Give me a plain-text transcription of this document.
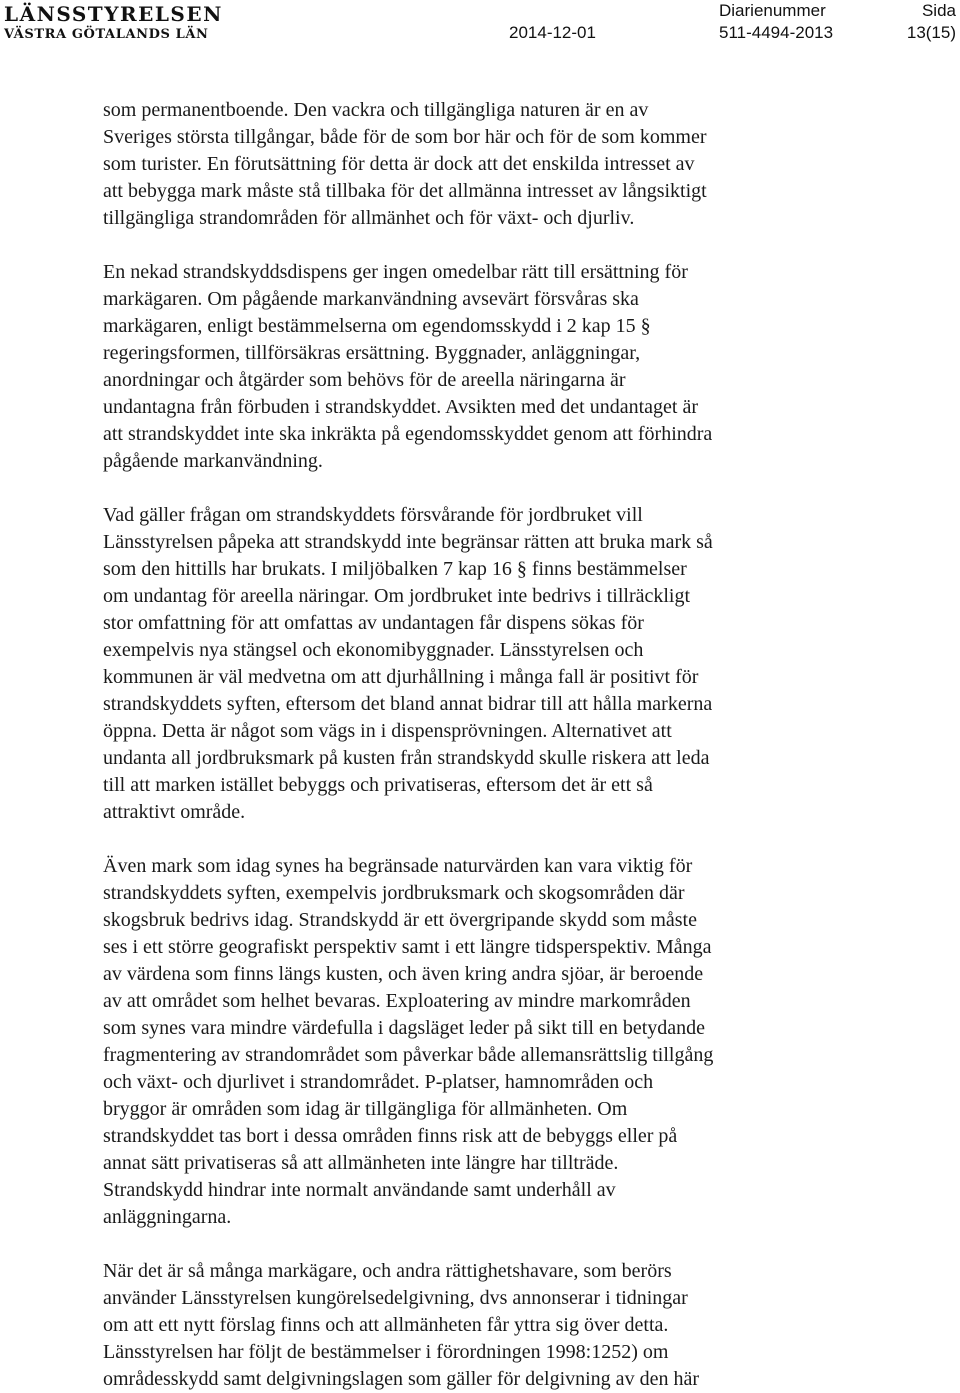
LÄNSSTYRELSEN
VÄSTRA GÖTALANDS LÄN	2014-12-01
Diarienummer
511-4494-2013
Sida
13(15)
som permanentboende. Den vackra och tillgängliga naturen är en av
Sveriges största tillgångar, både för de som bor här och för de som kommer
som turister. En förutsättning för detta är dock att det enskilda intresset av
att bebygga mark måste stå tillbaka för det allmänna intresset av långsiktigt
tillgängliga strandområden för allmänhet och för växt- och djurliv.
En nekad strandskyddsdispens ger ingen omedelbar rätt till ersättning för
markägaren. Om pågående markanvändning avsevärt försvåras ska
markägaren, enligt bestämmelserna om egendomsskydd i 2 kap 15 §
regeringsformen, tillförsäkras ersättning. Byggnader, anläggningar,
anordningar och åtgärder som behövs för de areella näringarna är
undantagna från förbuden i strandskyddet. Avsikten med det undantaget är
att strandskyddet inte ska inkräkta på egendomsskyddet genom att förhindra
pågående markanvändning.
Vad gäller frågan om strandskyddets försvårande för jordbruket vill
Länsstyrelsen påpeka att strandskydd inte begränsar rätten att bruka mark så
som den hittills har brukats. I miljöbalken 7 kap 16 § finns bestämmelser
om undantag för areella näringar. Om jordbruket inte bedrivs i tillräckligt
stor omfattning för att omfattas av undantagen får dispens sökas för
exempelvis nya stängsel och ekonomibyggnader. Länsstyrelsen och
kommunen är väl medvetna om att djurhållning i många fall är positivt för
strandskyddets syften, eftersom det bland annat bidrar till att hålla markerna
öppna. Detta är något som vägs in i dispensprövningen. Alternativet att
undanta all jordbruksmark på kusten från strandskydd skulle riskera att leda
till att marken istället bebyggs och privatiseras, eftersom det är ett så
attraktivt område.
Även mark som idag synes ha begränsade naturvärden kan vara viktig för
strandskyddets syften, exempelvis jordbruksmark och skogsområden där
skogsbruk bedrivs idag. Strandskydd är ett övergripande skydd som måste
ses i ett större geografiskt perspektiv samt i ett längre tidsperspektiv. Många
av värdena som finns längs kusten, och även kring andra sjöar, är beroende
av att området som helhet bevaras. Exploatering av mindre markområden
som synes vara mindre värdefulla i dagsläget leder på sikt till en betydande
fragmentering av strandområdet som påverkar både allemansrättslig tillgång
och växt- och djurlivet i strandområdet. P-platser, hamnområden och
bryggor är områden som idag är tillgängliga för allmänheten. Om
strandskyddet tas bort i dessa områden finns risk att de bebyggs eller på
annat sätt privatiseras så att allmänheten inte längre har tillträde.
Strandskydd hindrar inte normalt användande samt underhåll av
anläggningarna.
När det är så många markägare, och andra rättighetshavare, som berörs
använder Länsstyrelsen kungörelsedelgivning, dvs annonserar i tidningar
om att ett nytt förslag finns och att allmänheten får yttra sig över detta.
Länsstyrelsen har följt de bestämmelser i förordningen 1998:1252) om
områdesskydd samt delgivningslagen som gäller för delgivning av den här
